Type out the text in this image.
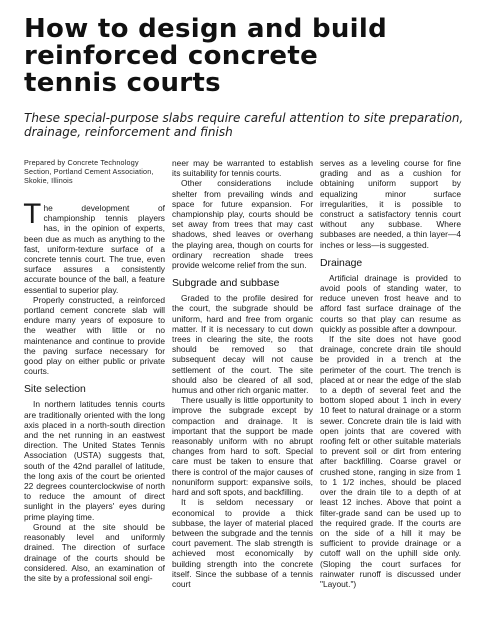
How to design and build
reinforced concrete
tennis courts
These special-purpose slabs require careful attention to site preparation, drainage, reinforcement and finish
Prepared by Concrete Technology Section, Portland Cement Association, Skokie, Illinois

The development of championship tennis players has, in the opinion of experts, been due as much as anything to the fast, uniform-texture surface of a concrete tennis court. The true, even surface assures a consistently accurate bounce of the ball, a feature essential to superior play.

Properly constructed, a reinforced portland cement concrete slab will endure many years of exposure to the weather with little or no maintenance and continue to provide the paving surface necessary for good play on either public or private courts.

Site selection

In northern latitudes tennis courts are traditionally oriented with the long axis placed in a north-south direction and the net running in an eastwest direction. The United States Tennis Association (USTA) suggests that, south of the 42nd parallel of latitude, the long axis of the court be oriented 22 degrees counterclockwise of north to reduce the amount of direct sunlight in the players' eyes during prime playing time.

Ground at the site should be reasonably level and uniformly drained. The direction of surface drainage of the courts should be considered. Also, an examination of the site by a professional soil engi-

neer may be warranted to establish its suitability for tennis courts.

Other considerations include shelter from prevailing winds and space for future expansion. For championship play, courts should be set away from trees that may cast shadows, shed leaves or overhang the playing area, though on courts for ordinary recreation shade trees provide welcome relief from the sun.

Subgrade and subbase

Graded to the profile desired for the court, the subgrade should be uniform, hard and free from organic matter. If it is necessary to cut down trees in clearing the site, the roots should be removed so that subsequent decay will not cause settlement of the court. The site should also be cleared of all sod, humus and other rich organic matter.

There usually is little opportunity to improve the subgrade except by compaction and drainage. It is important that the support be made reasonably uniform with no abrupt changes from hard to soft. Special care must be taken to ensure that there is control of the major causes of nonuniform support: expansive soils, hard and soft spots, and backfilling.

It is seldom necessary or economical to provide a thick subbase, the layer of material placed between the subgrade and the tennis court pavement. The slab strength is achieved most economically by building strength into the concrete itself. Since the subbase of a tennis court

serves as a leveling course for fine grading and as a cushion for obtaining uniform support by equalizing minor surface irregularities, it is possible to construct a satisfactory tennis court without any subbase. Where subbases are needed, a thin layer—4 inches or less—is suggested.

Drainage

Artificial drainage is provided to avoid pools of standing water, to reduce uneven frost heave and to afford fast surface drainage of the courts so that play can resume as quickly as possible after a downpour.

If the site does not have good drainage, concrete drain tile should be provided in a trench at the perimeter of the court. The trench is placed at or near the edge of the slab to a depth of several feet and the bottom sloped about 1 inch in every 10 feet to natural drainage or a storm sewer. Concrete drain tile is laid with open joints that are covered with roofing felt or other suitable materials to prevent soil or dirt from entering after backfilling. Coarse gravel or crushed stone, ranging in size from 1 to 1 1/2 inches, should be placed over the drain tile to a depth of at least 12 inches. Above that point a filter-grade sand can be used up to the required grade. If the courts are on the side of a hill it may be sufficient to provide drainage or a cutoff wall on the uphill side only. (Sloping the court surfaces for rainwater runoff is discussed under "Layout.")
